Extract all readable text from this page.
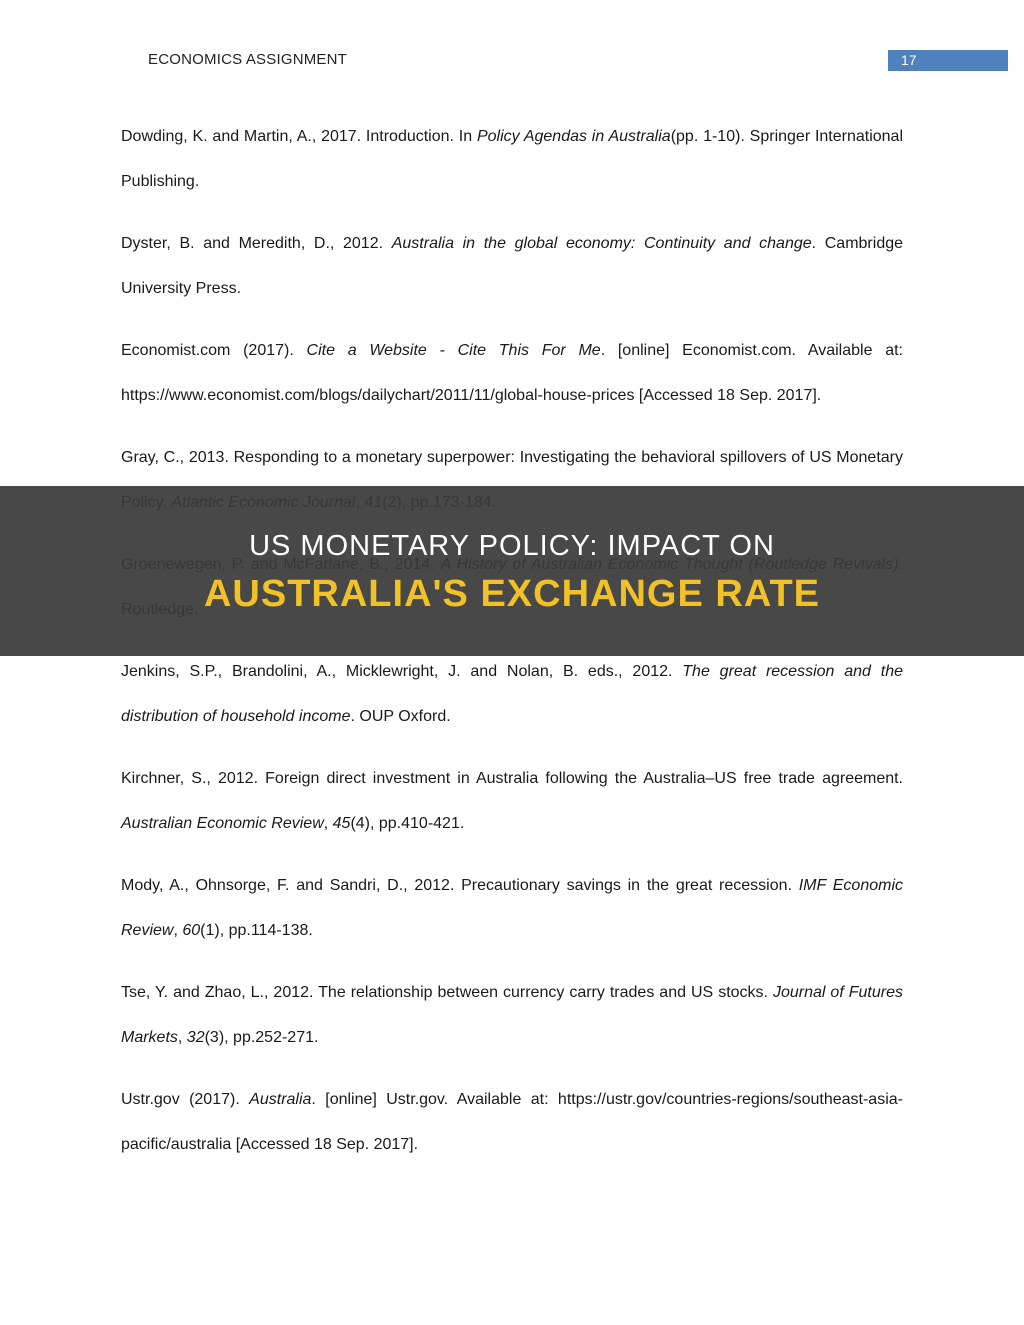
ECONOMICS ASSIGNMENT	17

Dowding, K. and Martin, A., 2017. Introduction. In Policy Agendas in Australia(pp. 1-10). Springer International Publishing.

Dyster, B. and Meredith, D., 2012. Australia in the global economy: Continuity and change. Cambridge University Press.

Economist.com (2017). Cite a Website - Cite This For Me. [online] Economist.com. Available at: https://www.economist.com/blogs/dailychart/2011/11/global-house-prices [Accessed 18 Sep. 2017].

Gray, C., 2013. Responding to a monetary superpower: Investigating the behavioral spillovers of US Monetary

Jenkins, S.P., Brandolini, A., Micklewright, J. and Nolan, B. eds., 2012. The great recession and the distribution of household income. OUP Oxford.

Kirchner, S., 2012. Foreign direct investment in Australia following the Australia–US free trade agreement. Australian Economic Review, 45(4), pp.410-421.

Mody, A., Ohnsorge, F. and Sandri, D., 2012. Precautionary savings in the great recession. IMF Economic Review, 60(1), pp.114-138.

Tse, Y. and Zhao, L., 2012. The relationship between currency carry trades and US stocks. Journal of Futures Markets, 32(3), pp.252-271.

Ustr.gov (2017). Australia. [online] Ustr.gov. Available at: https://ustr.gov/countries-regions/southeast-asia-pacific/australia [Accessed 18 Sep. 2017].

US MONETARY POLICY: IMPACT ON
AUSTRALIA'S EXCHANGE RATE
